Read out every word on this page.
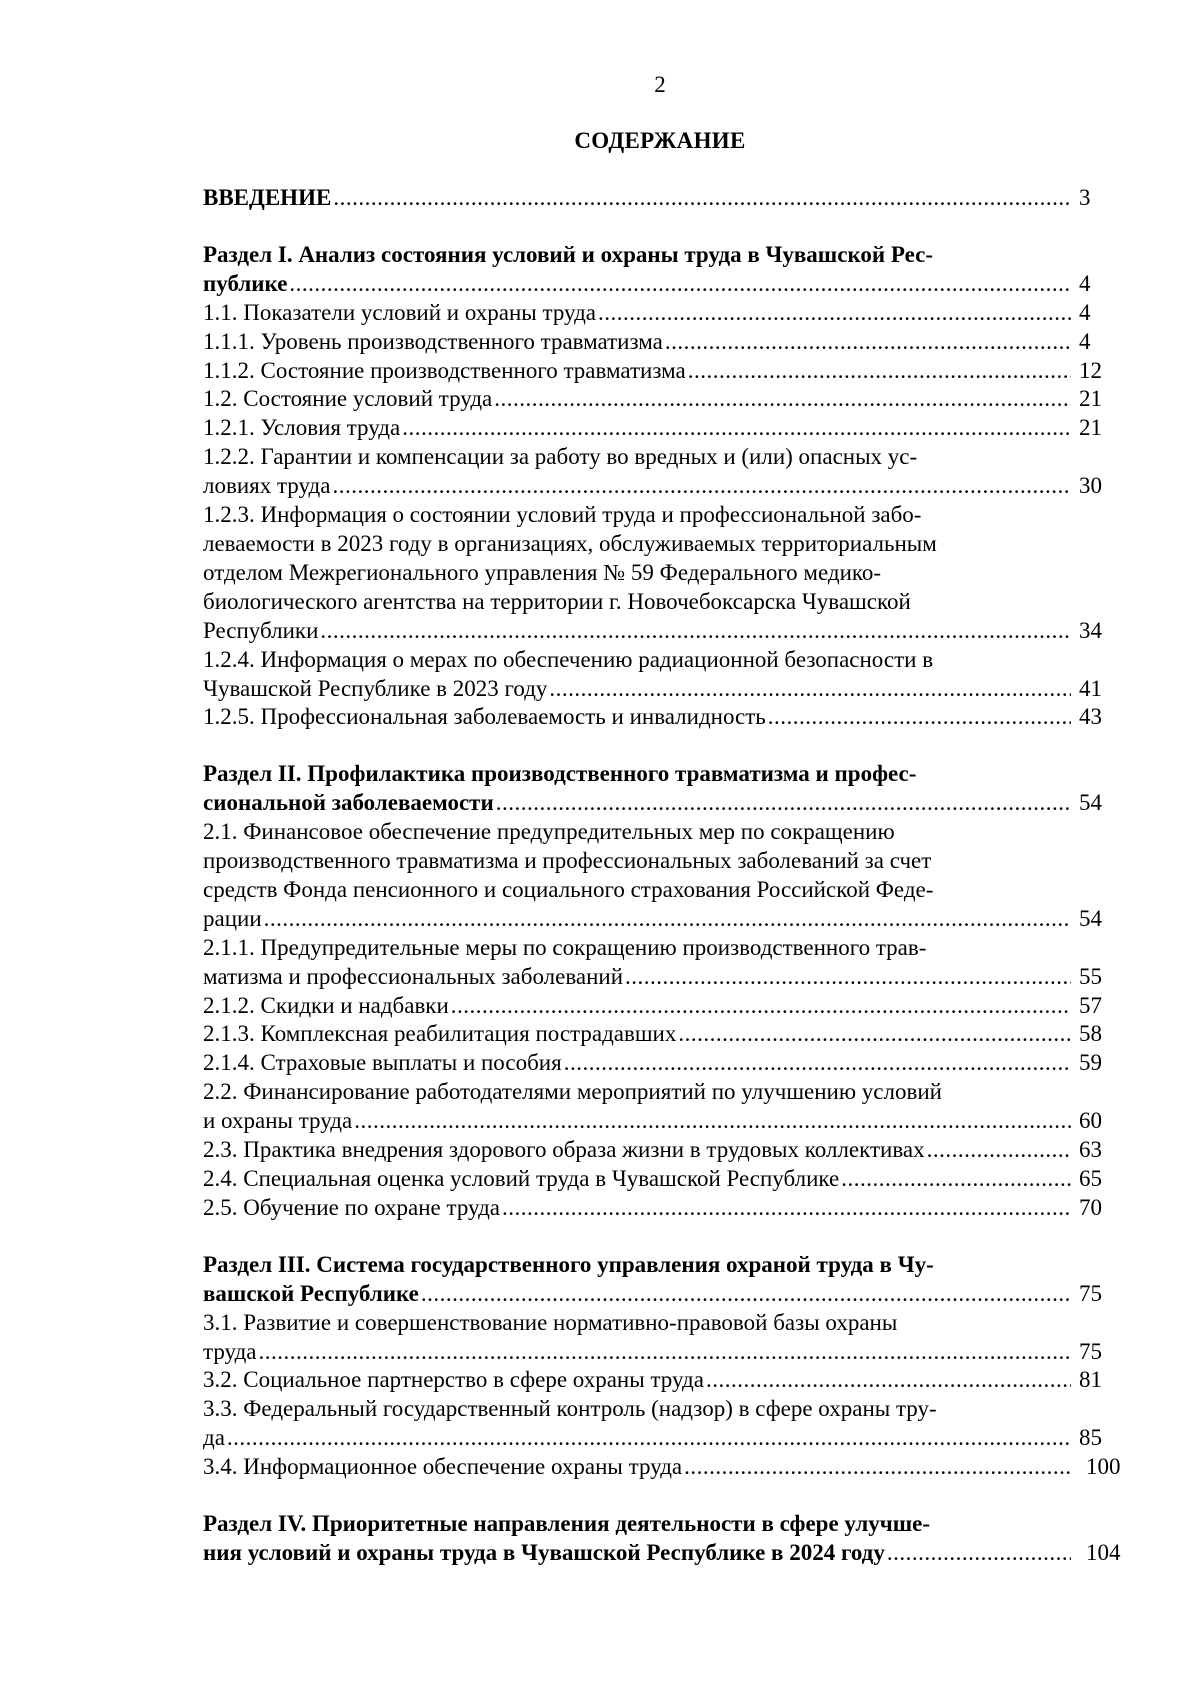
2
СОДЕРЖАНИЕ
ВВЕДЕНИЕ .....	3
Раздел I. Анализ состояния условий и охраны труда в Чувашской Рес-
публике .....	4
1.1. Показатели условий и охраны труда .....	4
1.1.1. Уровень производственного травматизма .....	4
1.1.2. Состояние производственного травматизма .....	12
1.2. Состояние условий труда .....	21
1.2.1. Условия труда .....	21
1.2.2. Гарантии и компенсации за работу во вредных и (или) опасных ус-
ловиях труда .....	30
1.2.3. Информация о состоянии условий труда и профессиональной забо-
леваемости в 2023 году в организациях, обслуживаемых территориальным
отделом Межрегионального управления № 59 Федерального медико-
биологического агентства на территории г. Новочебоксарска Чувашской
Республики .....	34
1.2.4. Информация о мерах по обеспечению радиационной безопасности в
Чувашской Республике в 2023 году .....	41
1.2.5. Профессиональная заболеваемость и инвалидность .....	43
Раздел II. Профилактика производственного травматизма и профес-
сиональной заболеваемости .....	54
2.1. Финансовое обеспечение предупредительных мер по сокращению
производственного травматизма и профессиональных заболеваний за счет
средств Фонда пенсионного и социального страхования Российской Феде-
рации .....	54
2.1.1. Предупредительные меры по сокращению производственного трав-
матизма и профессиональных заболеваний .....	55
2.1.2. Скидки и надбавки .....	57
2.1.3. Комплексная реабилитация пострадавших .....	58
2.1.4. Страховые выплаты и пособия .....	59
2.2. Финансирование работодателями мероприятий по улучшению условий
и охраны труда .....	60
2.3. Практика внедрения здорового образа жизни в трудовых коллективах .....	63
2.4. Специальная оценка условий труда в Чувашской Республике .....	65
2.5. Обучение по охране труда .....	70
Раздел III. Система государственного управления охраной труда в Чу-
вашской Республике .....	75
3.1. Развитие и совершенствование нормативно-правовой базы охраны
труда .....	75
3.2. Социальное партнерство в сфере охраны труда .....	81
3.3. Федеральный государственный контроль (надзор) в сфере охраны тру-
да .....	85
3.4. Информационное обеспечение охраны труда .....	100
Раздел IV. Приоритетные направления деятельности в сфере улучше-
ния условий и охраны труда в Чувашской Республике в 2024 году .....	104
